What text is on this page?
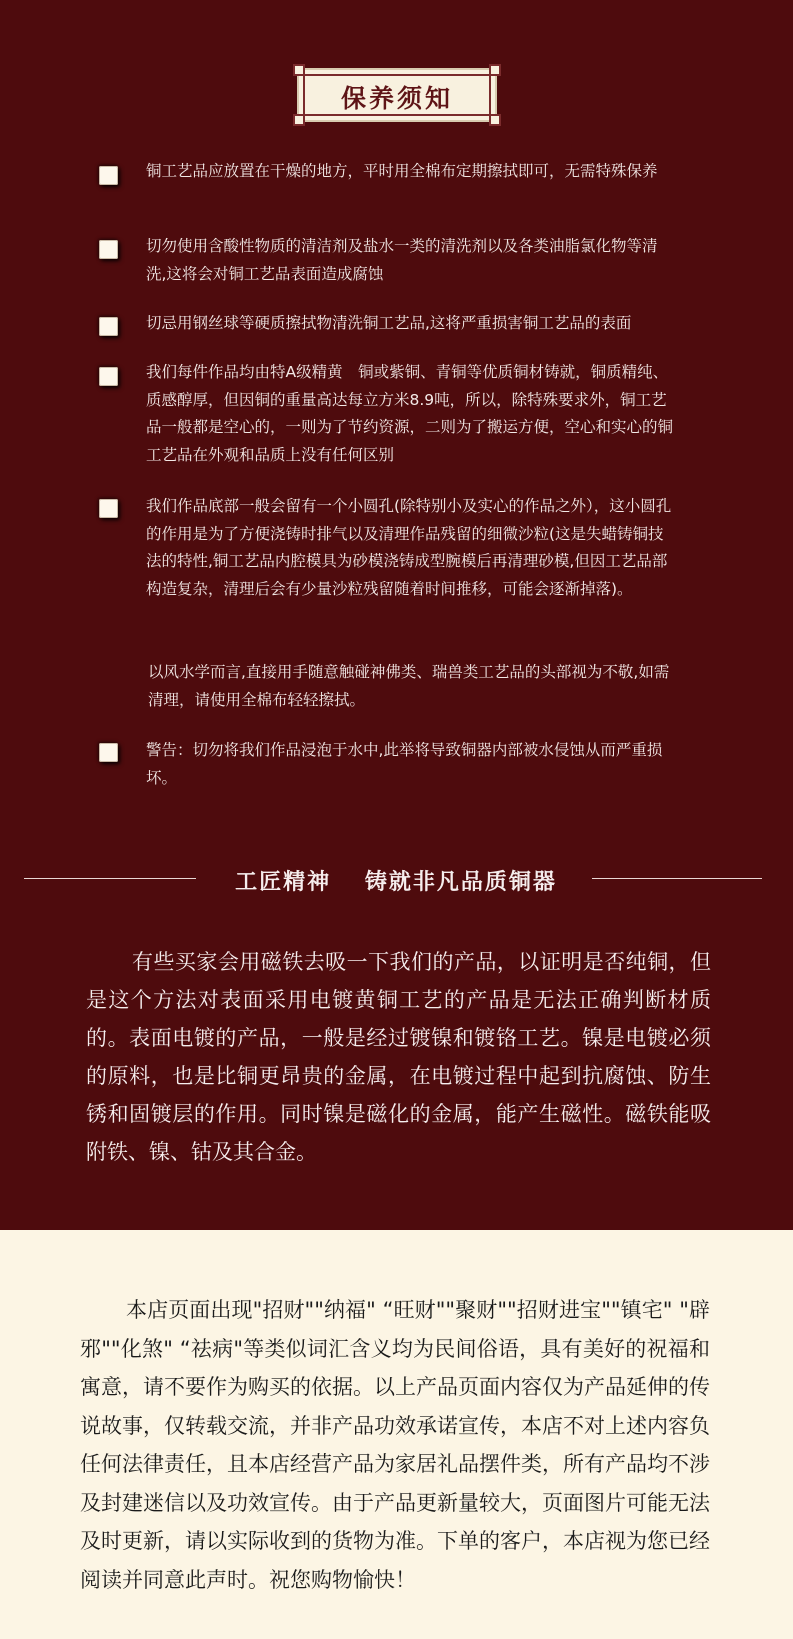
保养须知
铜工艺品应放置在干燥的地方，平时用全棉布定期擦拭即可，无需特殊保养
切勿使用含酸性物质的清洁剂及盐水一类的清洗剂以及各类油脂氯化物等清洗,这将会对铜工艺品表面造成腐蚀
切忌用钢丝球等硬质擦拭物清洗铜工艺品,这将严重损害铜工艺品的表面
我们每件作品均由特A级精黄　铜或紫铜、青铜等优质铜材铸就，铜质精纯、质感醇厚，但因铜的重量高达每立方米8.9吨，所以，除特殊要求外，铜工艺品一般都是空心的，一则为了节约资源，二则为了搬运方便，空心和实心的铜工艺品在外观和品质上没有任何区别
我们作品底部一般会留有一个小圆孔(除特别小及实心的作品之外），这小圆孔的作用是为了方便浇铸时排气以及清理作品残留的细微沙粒(这是失蜡铸铜技法的特性,铜工艺品内腔模具为砂模浇铸成型腕模后再清理砂模,但因工艺品部构造复杂，清理后会有少量沙粒残留随着时间推移，可能会逐渐掉落)。
以风水学而言,直接用手随意触碰神佛类、瑞兽类工艺品的头部视为不敬,如需清理，请使用全棉布轻轻擦拭。
警告：切勿将我们作品浸泡于水中,此举将导致铜器内部被水侵蚀从而严重损坏。
工匠精神　 铸就非凡品质铜器
有些买家会用磁铁去吸一下我们的产品，以证明是否纯铜，但是这个方法对表面采用电镀黄铜工艺的产品是无法正确判断材质的。表面电镀的产品，一般是经过镀镍和镀铬工艺。镍是电镀必须的原料，也是比铜更昂贵的金属，在电镀过程中起到抗腐蚀、防生锈和固镀层的作用。同时镍是磁化的金属，能产生磁性。磁铁能吸附铁、镍、钴及其合金。
本店页面出现"招财""纳福" “旺财""聚财""招财进宝""镇宅" "辟邪""化煞" “祛病"等类似词汇含义均为民间俗语，具有美好的祝福和寓意，请不要作为购买的依据。以上产品页面内容仅为产品延伸的传说故事，仅转载交流，并非产品功效承诺宣传，本店不对上述内容负任何法律责任，且本店经营产品为家居礼品摆件类，所有产品均不涉及封建迷信以及功效宣传。由于产品更新量较大，页面图片可能无法及时更新，请以实际收到的货物为准。下单的客户，本店视为您已经阅读并同意此声时。祝您购物愉快！
